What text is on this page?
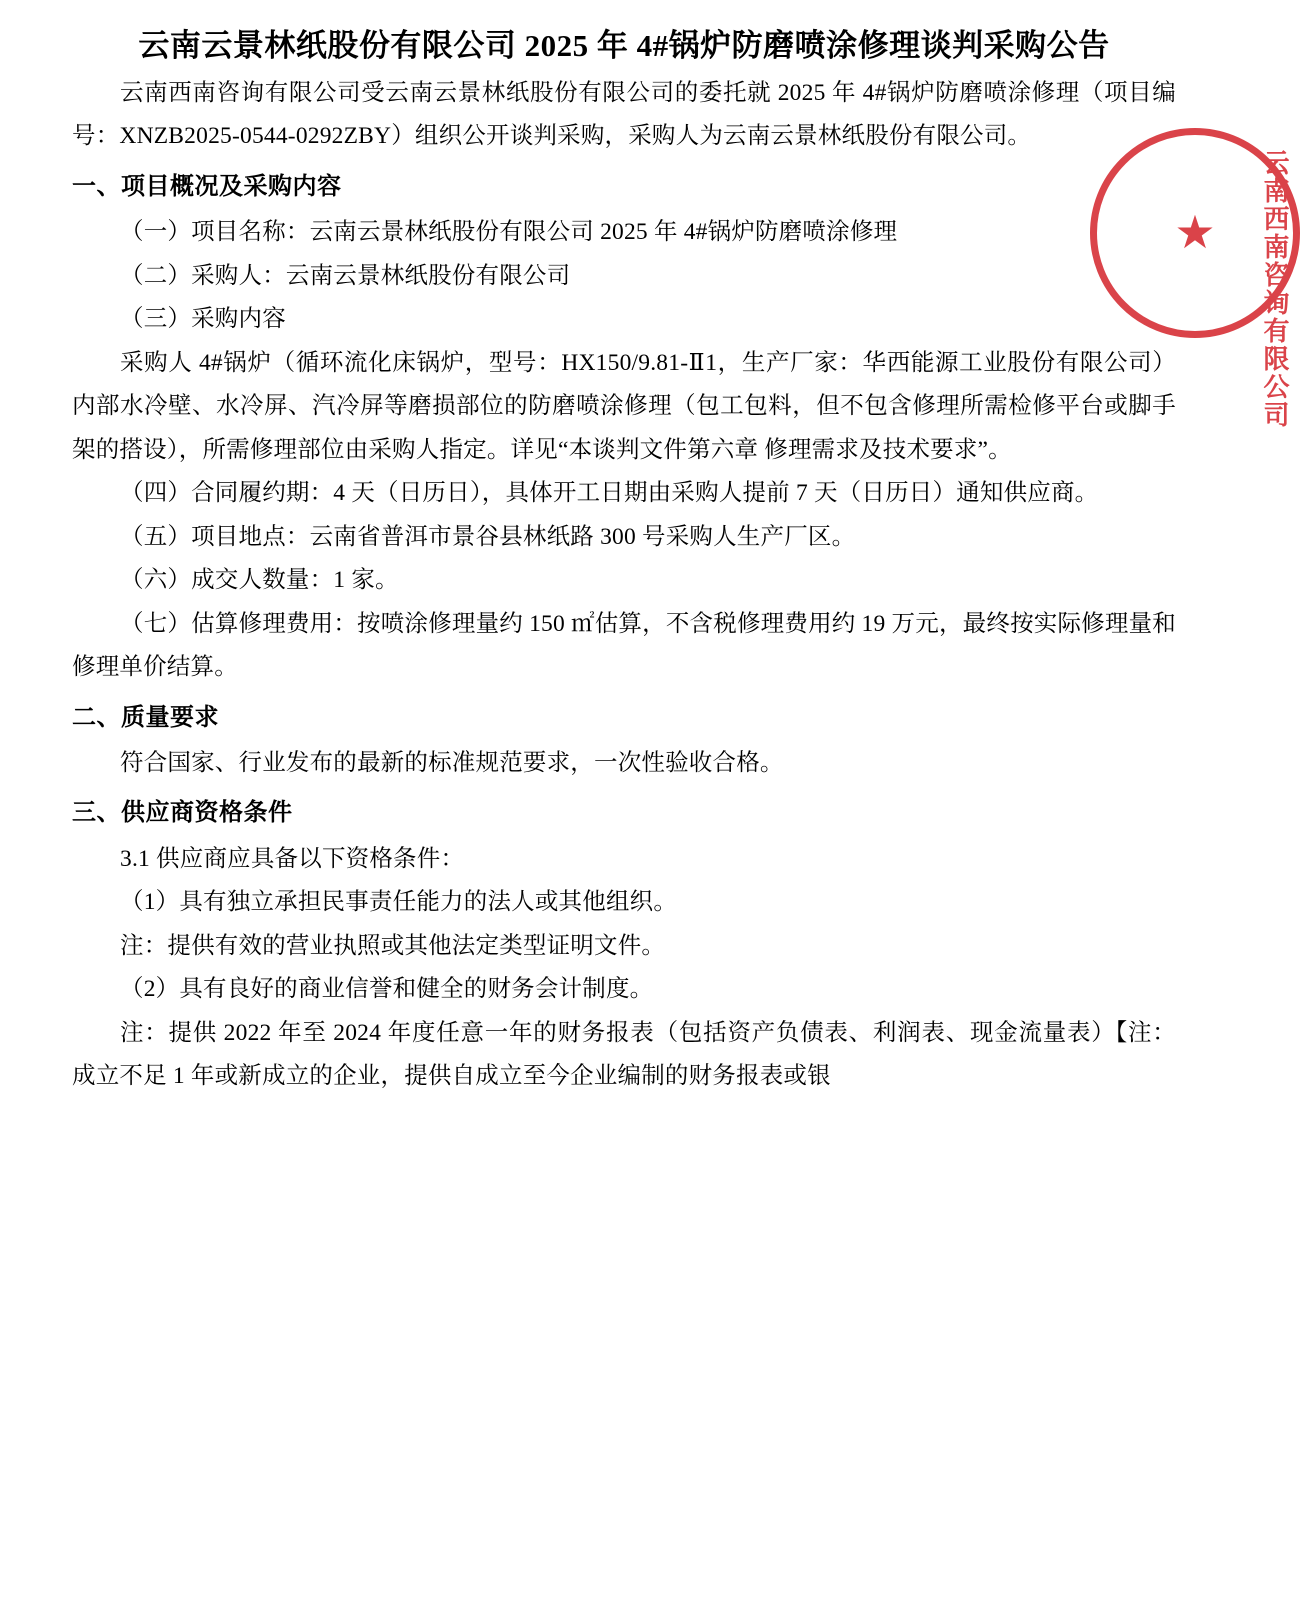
云南西南咨询有限公司
★
云南云景林纸股份有限公司 2025 年 4#锅炉防磨喷涂修理谈判采购公告

云南西南咨询有限公司受云南云景林纸股份有限公司的委托就 2025 年 4#锅炉防磨喷涂修理（项目编号：XNZB2025-0544-0292ZBY）组织公开谈判采购，采购人为云南云景林纸股份有限公司。

一、项目概况及采购内容

（一）项目名称：云南云景林纸股份有限公司 2025 年 4#锅炉防磨喷涂修理

（二）采购人：云南云景林纸股份有限公司

（三）采购内容

采购人 4#锅炉（循环流化床锅炉，型号：HX150/9.81-Ⅱ1，生产厂家：华西能源工业股份有限公司）内部水冷壁、水冷屏、汽冷屏等磨损部位的防磨喷涂修理（包工包料，但不包含修理所需检修平台或脚手架的搭设），所需修理部位由采购人指定。详见“本谈判文件第六章 修理需求及技术要求”。

（四）合同履约期：4 天（日历日），具体开工日期由采购人提前 7 天（日历日）通知供应商。

（五）项目地点：云南省普洱市景谷县林纸路 300 号采购人生产厂区。

（六）成交人数量：1 家。

（七）估算修理费用：按喷涂修理量约 150 ㎡估算，不含税修理费用约 19 万元，最终按实际修理量和修理单价结算。

二、质量要求

符合国家、行业发布的最新的标准规范要求，一次性验收合格。

三、供应商资格条件

3.1 供应商应具备以下资格条件：

（1）具有独立承担民事责任能力的法人或其他组织。

注：提供有效的营业执照或其他法定类型证明文件。

（2）具有良好的商业信誉和健全的财务会计制度。

注：提供 2022 年至 2024 年度任意一年的财务报表（包括资产负债表、利润表、现金流量表）【注：成立不足 1 年或新成立的企业，提供自成立至今企业编制的财务报表或银
